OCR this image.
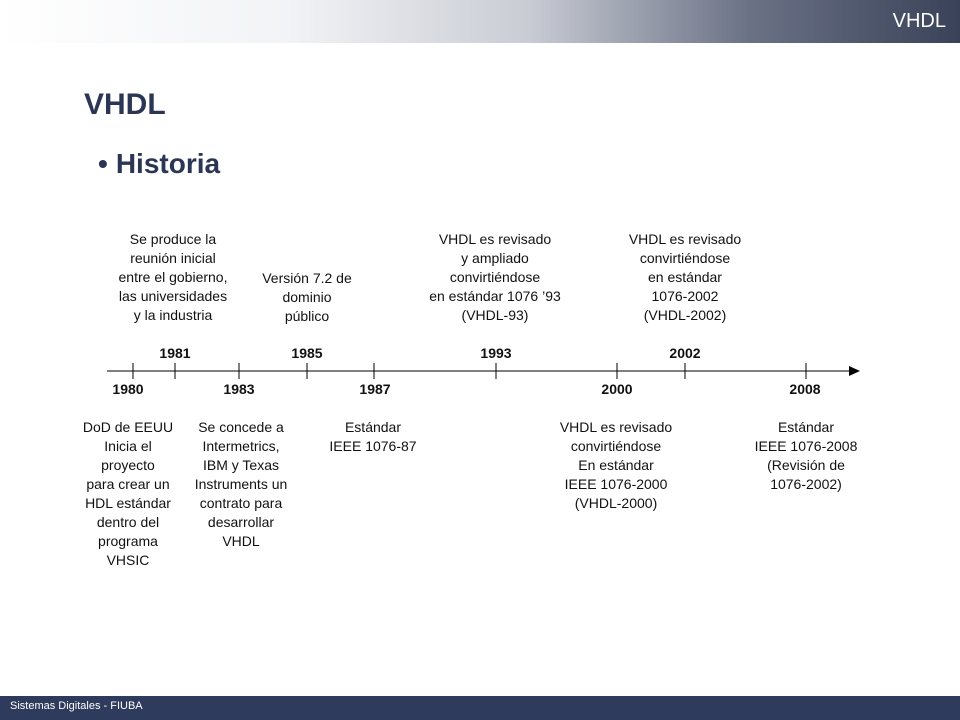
VHDL
VHDL
• Historia
1981	1985	1993	2002
1980	1983	1987	2000	2008
Se produce la
reunión inicial
entre el gobierno,
las universidades
y la industria
Versión 7.2 de
dominio
público
VHDL es revisado
y ampliado
convirtiéndose
en estándar 1076 ’93
(VHDL-93)
VHDL es revisado
convirtiéndose
en estándar
1076-2002
(VHDL-2002)
DoD de EEUU
Inicia el
proyecto
para crear un
HDL estándar
dentro del
programa
VHSIC
Se concede a
Intermetrics,
IBM y Texas
Instruments un
contrato para
desarrollar
VHDL
Estándar
IEEE 1076-87
VHDL es revisado
convirtiéndose
En estándar
IEEE 1076-2000
(VHDL-2000)
Estándar
IEEE 1076-2008
(Revisión de
1076-2002)
Sistemas Digitales - FIUBA
